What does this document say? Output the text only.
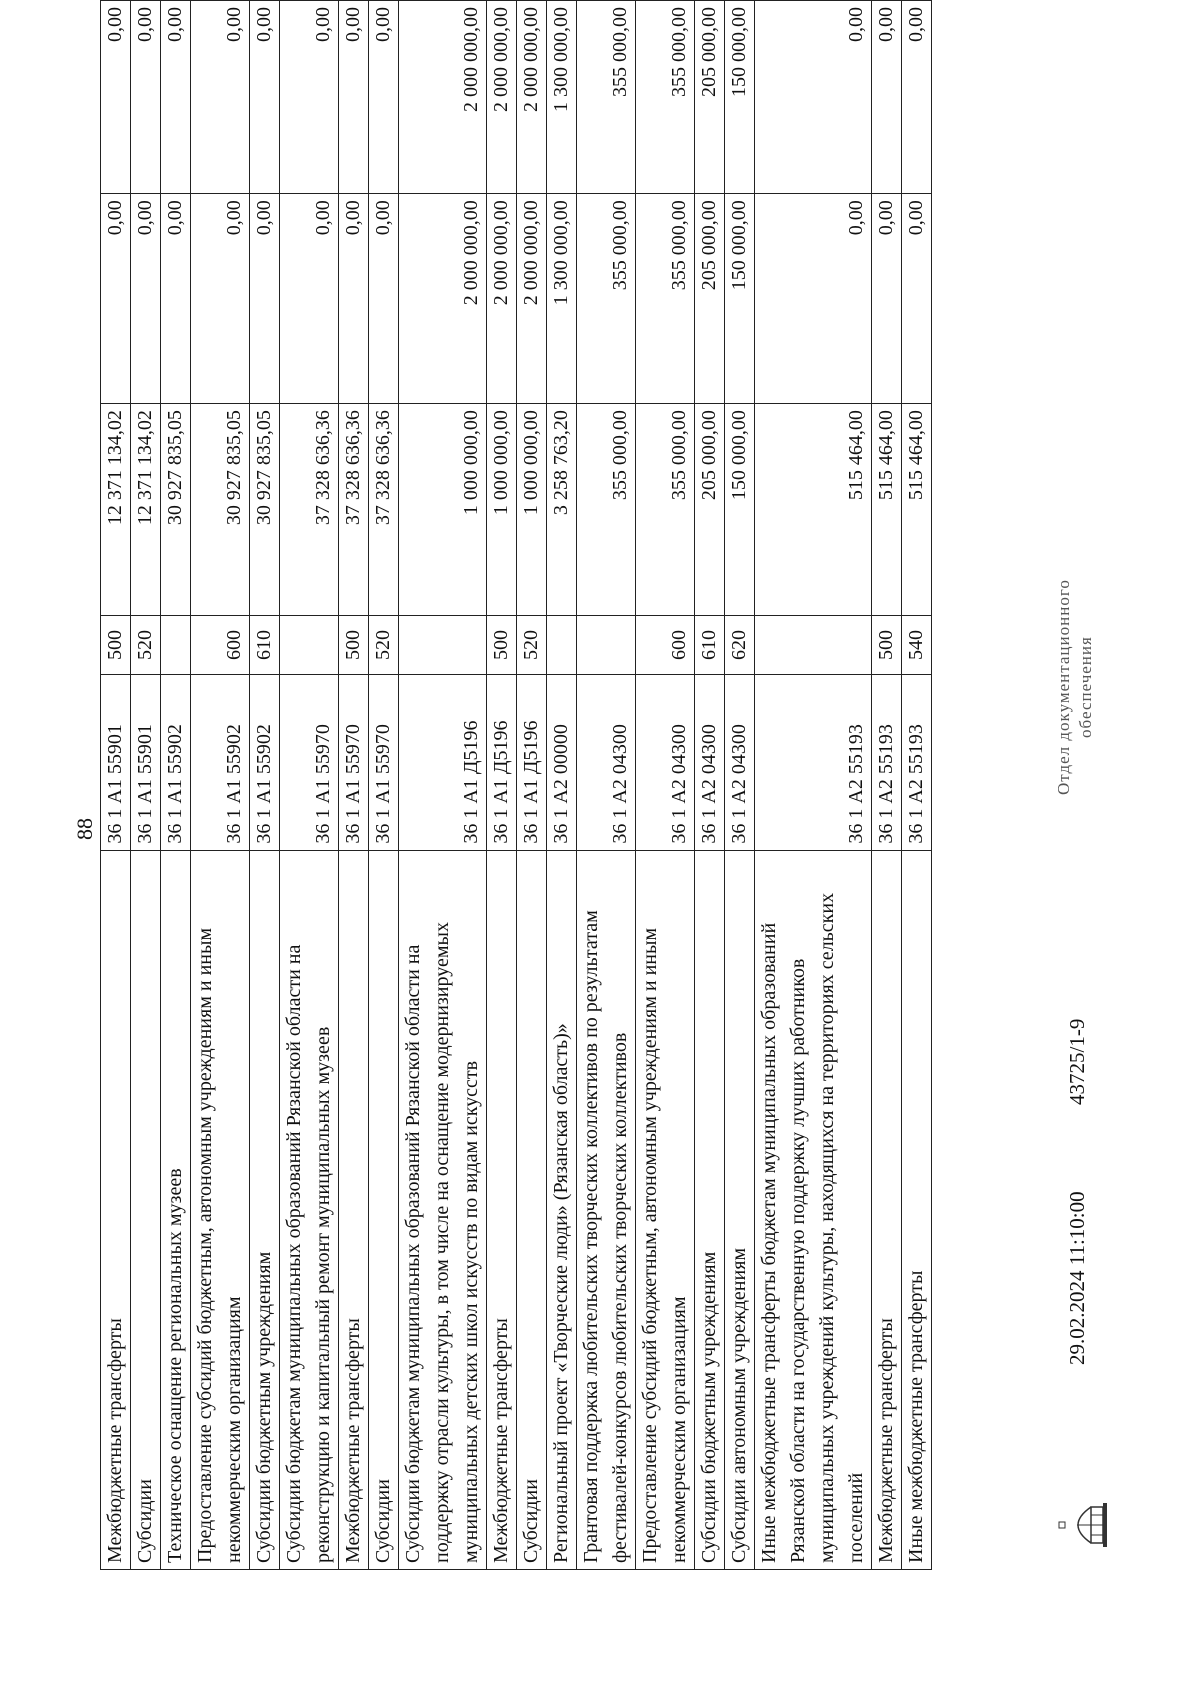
88
Межбюджетные трансферты	36 1 А1 55901	500	12 371 134,02	0,00	0,00
Субсидии	36 1 А1 55901	520	12 371 134,02	0,00	0,00
Техническое оснащение региональных музеев	36 1 А1 55902		30 927 835,05	0,00	0,00
Предоставление субсидий бюджетным, автономным учреждениям и иным некоммерческим организациям	36 1 А1 55902	600	30 927 835,05	0,00	0,00
Субсидии бюджетным учреждениям	36 1 А1 55902	610	30 927 835,05	0,00	0,00
Субсидии бюджетам муниципальных образований Рязанской области на реконструкцию и капитальный ремонт муниципальных музеев	36 1 А1 55970		37 328 636,36	0,00	0,00
Межбюджетные трансферты	36 1 А1 55970	500	37 328 636,36	0,00	0,00
Субсидии	36 1 А1 55970	520	37 328 636,36	0,00	0,00
Субсидии бюджетам муниципальных образований Рязанской области на поддержку отрасли культуры, в том числе на оснащение модернизируемых муниципальных детских школ искусств по видам искусств	36 1 А1 Д5196		1 000 000,00	2 000 000,00	2 000 000,00
Межбюджетные трансферты	36 1 А1 Д5196	500	1 000 000,00	2 000 000,00	2 000 000,00
Субсидии	36 1 А1 Д5196	520	1 000 000,00	2 000 000,00	2 000 000,00
Региональный проект «Творческие люди» (Рязанская область)»	36 1 А2 00000		3 258 763,20	1 300 000,00	1 300 000,00
Грантовая поддержка любительских творческих коллективов по результатам фестивалей-конкурсов любительских творческих коллективов	36 1 А2 04300		355 000,00	355 000,00	355 000,00
Предоставление субсидий бюджетным, автономным учреждениям и иным некоммерческим организациям	36 1 А2 04300	600	355 000,00	355 000,00	355 000,00
Субсидии бюджетным учреждениям	36 1 А2 04300	610	205 000,00	205 000,00	205 000,00
Субсидии автономным учреждениям	36 1 А2 04300	620	150 000,00	150 000,00	150 000,00
Иные межбюджетные трансферты бюджетам муниципальных образований Рязанской области на государственную поддержку лучших работников муниципальных учреждений культуры, находящихся на территориях сельских поселений	36 1 А2 55193		515 464,00	0,00	0,00
Межбюджетные трансферты	36 1 А2 55193	500	515 464,00	0,00	0,00
Иные межбюджетные трансферты	36 1 А2 55193	540	515 464,00	0,00	0,00
29.02.2024 11:10:00
43725/1-9
Отдел документационного обеспечения
